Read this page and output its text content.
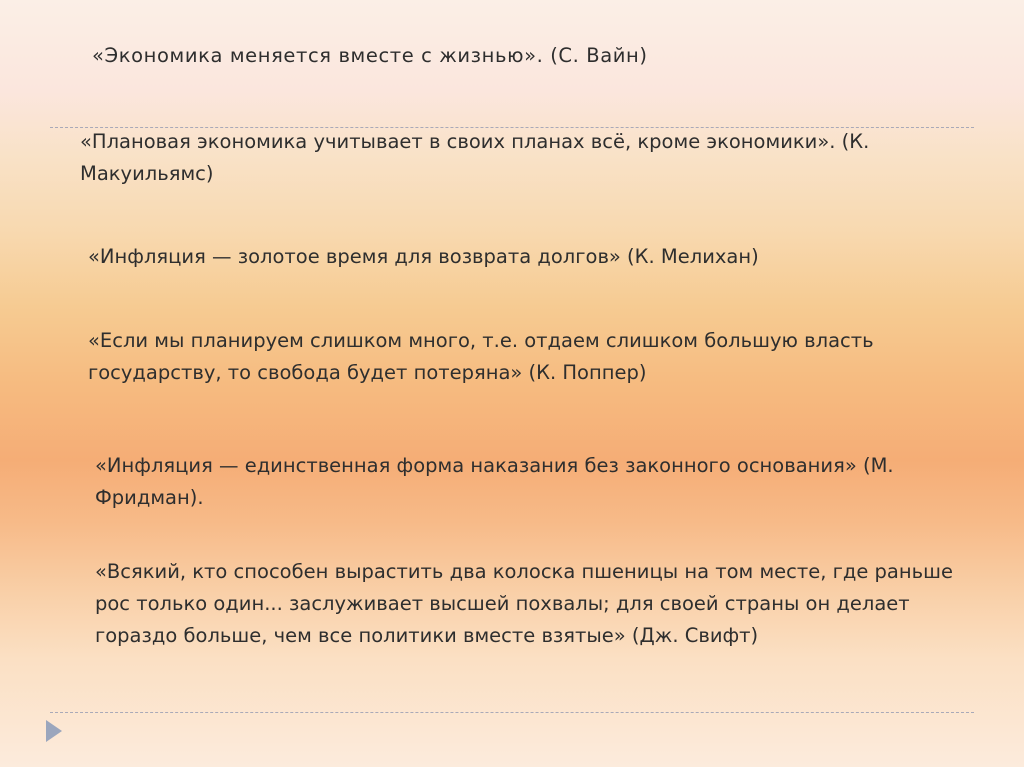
«Экономика меняется вместе с жизнью». (С. Вайн)

«Плановая экономика учитывает в своих планах всё, кроме экономики». (К. Макуильямс)

«Инфляция — золотое время для возврата долгов» (К. Мелихан)

«Если мы планируем слишком много, т.е. отдаем слишком большую власть государству, то свобода будет потеряна» (К. Поппер)

«Инфляция — единственная форма наказания без законного основания» (М. Фридман).

«Всякий, кто способен вырастить два колоска пшеницы на том месте, где раньше рос только один... заслуживает высшей похвалы; для своей страны он делает гораздо больше, чем все политики вместе взятые» (Дж. Свифт)
